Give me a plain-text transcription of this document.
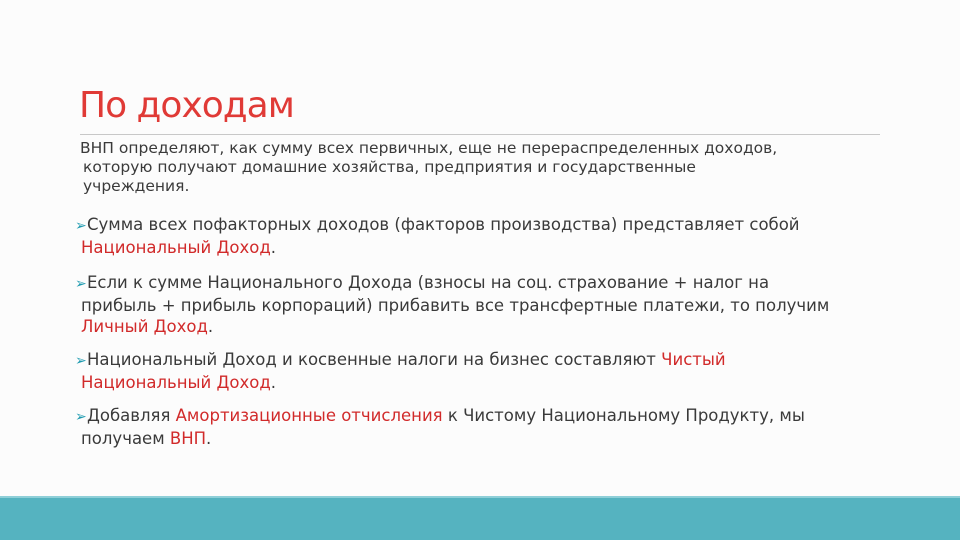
По доходам

ВНП определяют, как сумму всех первичных, еще не перераспределенных доходов,
которую получают домашние хозяйства, предприятия и государственные
учреждения.

➢Сумма всех пофакторных доходов (факторов производства) представляет собой
Национальный Доход.

➢Если к сумме Национального Дохода (взносы на соц. страхование + налог на
прибыль + прибыль корпораций) прибавить все трансфертные платежи, то получим
Личный Доход.

➢Национальный Доход и косвенные налоги на бизнес составляют Чистый
Национальный Доход.

➢Добавляя Амортизационные отчисления к Чистому Национальному Продукту, мы
получаем ВНП.
